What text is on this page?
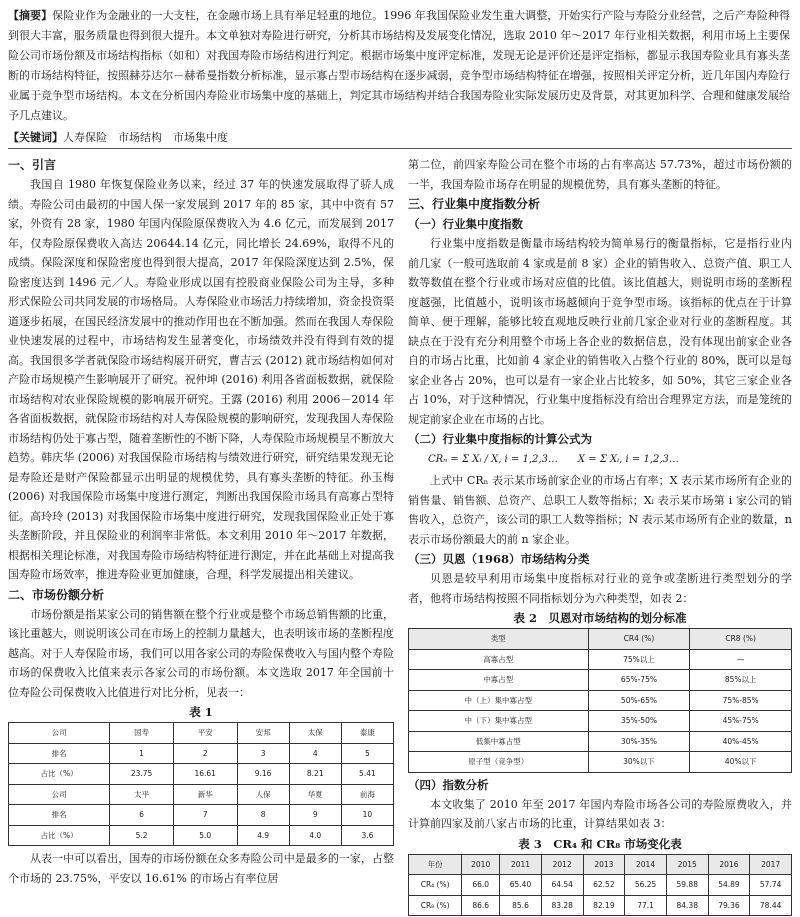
【摘要】保险业作为金融业的一大支柱，在金融市场上具有举足轻重的地位。1996 年我国保险业发生重大调整，开始实行产险与寿险分业经营，之后产寿险种得到很大丰富，服务质量也得到很大提升。本文单独对寿险进行研究，分析其市场结构及发展变化情况，选取 2010 年～2017 年行业相关数据，利用市场上主要保险公司市场份额及市场结构指标（如和）对我国寿险市场结构进行判定。根据市场集中度评定标准，发现无论是评价还是评定指标，都显示我国寿险业具有寡头垄断的市场结构特征，按照赫芬达尔－赫希曼指数分析标准，显示寡占型市场结构在逐步减弱，竞争型市场结构特征在增强，按照相关评定分析，近几年国内寿险行业属于竞争型市场结构。本文在分析国内寿险业市场集中度的基础上，判定其市场结构并结合我国寿险业实际发展历史及背景，对其更加科学、合理和健康发展给予几点建议。
【关键词】人寿保险　市场结构　市场集中度
一、引言

我国自 1980 年恢复保险业务以来，经过 37 年的快速发展取得了骄人成绩。寿险公司由最初的中国人保一家发展到 2017 年的 85 家，其中中资有 57 家，外资有 28 家，1980 年国内保险原保费收入为 4.6 亿元，而发展到 2017 年，仅寿险原保费收入高达 20644.14 亿元，同比增长 24.69%，取得不凡的成绩。保险深度和保险密度也得到很大提高，2017 年保险深度达到 2.5%，保险密度达到 1496 元／人。寿险业形成以国有控股商业保险公司为主导，多种形式保险公司共同发展的市场格局。人寿保险业市场活力持续增加，资金投资渠道逐步拓展，在国民经济发展中的推动作用也在不断加强。然而在我国人寿保险业快速发展的过程中，市场结构发生显著变化，市场绩效并没有得到有效的提高。我国很多学者就保险市场结构展开研究，曹吉云 (2012) 就市场结构如何对产险市场规模产生影响展开了研究。祝仲坤 (2016) 利用各省面板数据，就保险市场结构对农业保险规模的影响展开研究。王露 (2016) 利用 2006－2014 年各省面板数据，就保险市场结构对人寿保险规模的影响研究，发现我国人寿保险市场结构仍处于寡占型，随着垄断性的不断下降，人寿保险市场规模呈不断放大趋势。韩庆华 (2006) 对我国保险市场结构与绩效进行研究，研究结果发现无论是寿险还是财产保险都显示出明显的规模优势，具有寡头垄断的特征。孙玉梅 (2006) 对我国保险市场集中度进行测定，判断出我国保险市场具有高寡占型特征。高玲玲 (2013) 对我国保险市场集中度进行研究，发现我国保险业正处于寡头垄断阶段，并且保险业的利润率非常低。本文利用 2010 年～2017 年数据，根据相关理论标准，对我国寿险市场结构特征进行测定，并在此基础上对提高我国寿险市场效率，推进寿险业更加健康，合理，科学发展提出相关建议。

二、市场份额分析

市场份额是指某家公司的销售额在整个行业或是整个市场总销售额的比重，该比重越大，则说明该公司在市场上的控制力量越大，也表明该市场的垄断程度越高。对于人寿保险市场，我们可以用各家公司的寿险保费收入与国内整个寿险市场的保费收入比值来表示各家公司的市场份额。本文选取 2017 年全国前十位寿险公司保费收入比值进行对比分析，见表一：

表 1
公司	国寿	平安	安邦	太保	泰康
排名	1	2	3	4	5
占比（%）	23.75	16.61	9.16	8.21	5.41
公司	太平	新华	人保	华夏	前海
排名	6	7	8	9	10
占比（%）	5.2	5.0	4.9	4.0	3.6

从表一中可以看出，国寿的市场份额在众多寿险公司中是最多的一家，占整个市场的 23.75%，平安以 16.61% 的市场占有率位居

第二位，前四家寿险公司在整个市场的占有率高达 57.73%，超过市场份额的一半，我国寿险市场存在明显的规模优势，具有寡头垄断的特征。

三、行业集中度指数分析
（一）行业集中度指数

行业集中度指数是衡量市场结构较为简单易行的衡量指标，它是指行业内前几家（一般可选取前 4 家或是前 8 家）企业的销售收入、总资产值、职工人数等数值在整个行业或市场对应值的比值。该比值越大，则说明市场的垄断程度越强，比值越小，说明该市场越倾向于竞争型市场。该指标的优点在于计算简单、便于理解，能够比较直观地反映行业前几家企业对行业的垄断程度。其缺点在于没有充分利用整个市场上各企业的数据信息，没有体现出前家企业各自的市场占比重，比如前 4 家企业的销售收入占整个行业的 80%，既可以是每家企业各占 20%，也可以是有一家企业占比较多，如 50%，其它三家企业各占 10%，对于这种情况，行业集中度指标没有给出合理界定方法，而是笼统的规定前家企业在市场的占比。

（二）行业集中度指标的计算公式为
CRₙ = Σ Xᵢ / X, i = 1,2,3…　　X = Σ Xᵢ, i = 1,2,3…

上式中 CRₙ 表示某市场前家企业的市场占有率；X 表示某市场所有企业的销售量、销售额、总资产、总职工人数等指标；Xᵢ 表示某市场第 i 家公司的销售收入，总资产，该公司的职工人数等指标；N 表示某市场所有企业的数量，n 表示市场份额最大的前 n 家企业。

（三）贝恩（1968）市场结构分类

贝恩是较早利用市场集中度指标对行业的竞争或垄断进行类型划分的学者，他将市场结构按照不同指标划分为六种类型，如表 2：

表 2　贝恩对市场结构的划分标准
类型	CR4 (%)	CR8 (%)
高寡占型	75%以上	—
中寡占型	65%-75%	85%以上
中（上）集中寡占型	50%-65%	75%-85%
中（下）集中寡占型	35%-50%	45%-75%
低集中寡占型	30%-35%	40%-45%
原子型（竞争型）	30%以下	40%以下
（四）指数分析

本文收集了 2010 年至 2017 年国内寿险市场各公司的寿险原费收入，并计算前四家及前八家占市场的比重，计算结果如表 3：

表 3　CR₄ 和 CR₈ 市场变化表
年份	2010	2011	2012	2013	2014	2015	2016	2017
CR₄ (%)	66.0	65.40	64.54	62.52	56.25	59.88	54.89	57.74
CR₈ (%)	86.6	85.6	83.28	82.19	77.1	84.38	79.36	78.44
